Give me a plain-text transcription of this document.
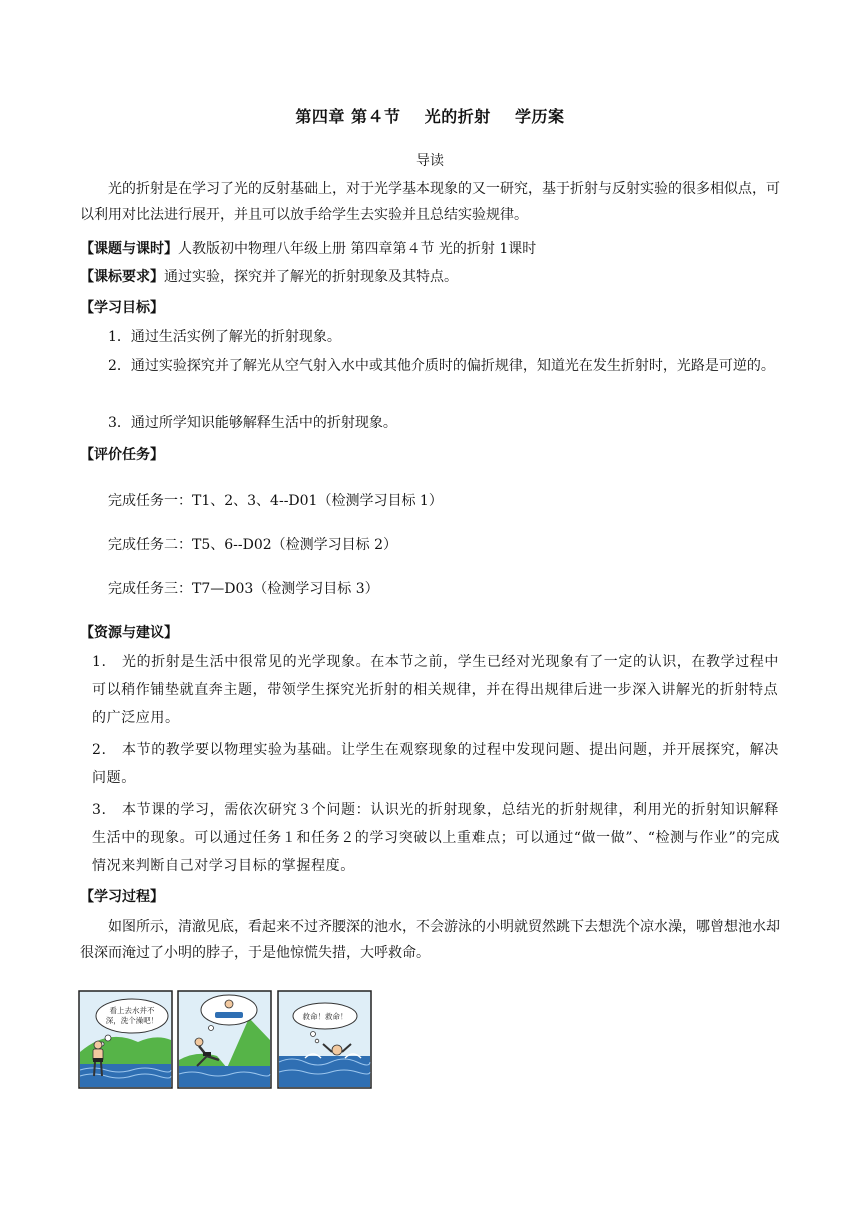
第四章 第４节    光的折射    学历案
导读
光的折射是在学习了光的反射基础上，对于光学基本现象的又一研究，基于折射与反射实验的很多相似点，可以利用对比法进行展开，并且可以放手给学生去实验并且总结实验规律。
【课题与课时】人教版初中物理八年级上册 第四章第４节 光的折射 1课时
【课标要求】通过实验，探究并了解光的折射现象及其特点。
【学习目标】
1．通过生活实例了解光的折射现象。
2．通过实验探究并了解光从空气射入水中或其他介质时的偏折规律，知道光在发生折射时，光路是可逆的。
3．通过所学知识能够解释生活中的折射现象。
【评价任务】
完成任务一：T1、2、3、4--D01（检测学习目标 1）
完成任务二：T5、6--D02（检测学习目标 2）
完成任务三：T7—D03（检测学习目标 3）
【资源与建议】
1. 光的折射是生活中很常见的光学现象。在本节之前，学生已经对光现象有了一定的认识，在教学过程中可以稍作铺垫就直奔主题，带领学生探究光折射的相关规律，并在得出规律后进一步深入讲解光的折射特点的广泛应用。
2. 本节的教学要以物理实验为基础。让学生在观察现象的过程中发现问题、提出问题，并开展探究，解决问题。
3. 本节课的学习，需依次研究３个问题：认识光的折射现象，总结光的折射规律，利用光的折射知识解释生活中的现象。可以通过任务１和任务２的学习突破以上重难点；可以通过“做一做”、“检测与作业”的完成情况来判断自己对学习目标的掌握程度。
【学习过程】
如图所示，清澈见底，看起来不过齐腰深的池水，不会游泳的小明就贸然跳下去想洗个凉水澡，哪曾想池水却很深而淹过了小明的脖子，于是他惊慌失措，大呼救命。
看上去水并不
深，洗个澡吧！	救命！救命！
